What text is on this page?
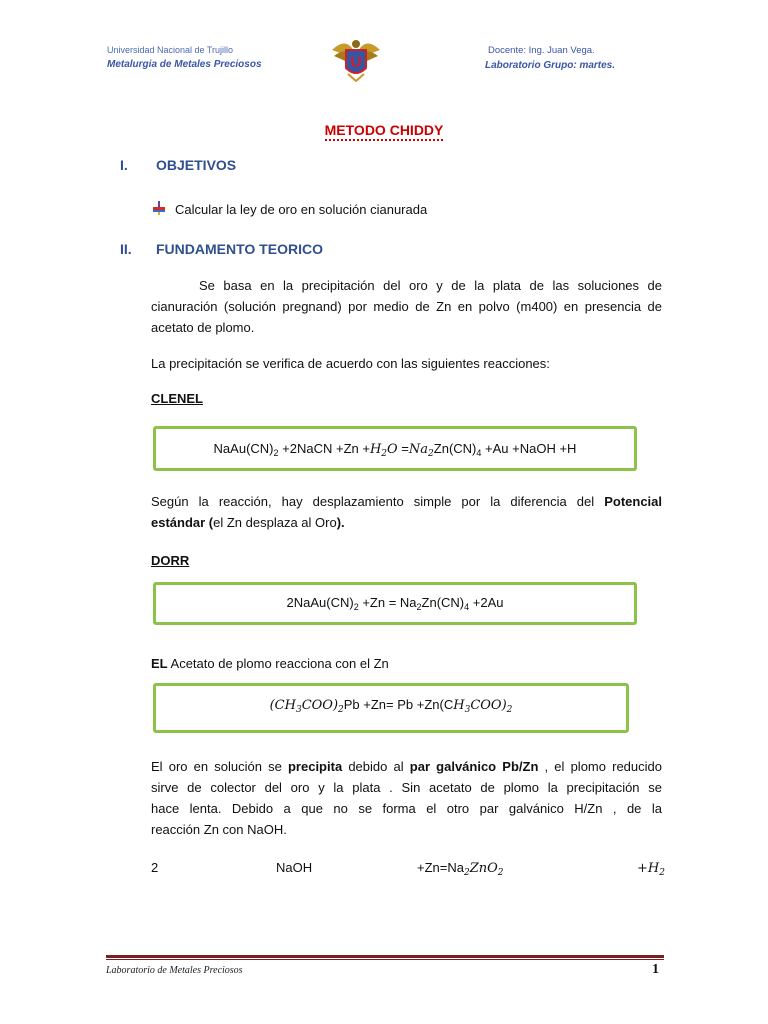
Universidad Nacional de Trujillo
Metalurgia de Metales Preciosos	U
Docente: Ing. Juan Vega.
Laboratorio Grupo: martes.
METODO CHIDDY
I. OBJETIVOS
Calcular la ley de oro en solución cianurada
II. FUNDAMENTO TEORICO
Se basa en la precipitación del oro y de la plata de las soluciones de
cianuración (solución pregnand) por medio de Zn en polvo (m400) en presencia de
acetato de plomo.
La precipitación se verifica de acuerdo con las siguientes reacciones:
CLENEL
$NaAu(CN)_2$ +2NaCN $+Zn +H_2O =Na_2Zn(CN)_4 +Au$ +NaOH +H
Según la reacción, hay desplazamiento simple por la diferencia del Potencial
estándar (el Zn desplaza al Oro).
DORR
$2NaAu(CN)_2 +Zn = Na_2Zn(CN)_4 +2Au$
EL Acetato de plomo reacciona con el Zn
$(CH_3COO)_2Pb +Zn= Pb +Zn(CH_3COO)_2$
El oro en solución se precipita debido al par galvánico Pb/Zn , el plomo reducido
sirve de colector del oro y la plata . Sin acetato de plomo la precipitación se
hace lenta. Debido a que no se forma el otro par galvánico H/Zn , de la
reacción Zn con NaOH.
2	NaOH	$+Zn=Na_2ZnO_2$	$+H_2$
Laboratorio de Metales Preciosos	1
